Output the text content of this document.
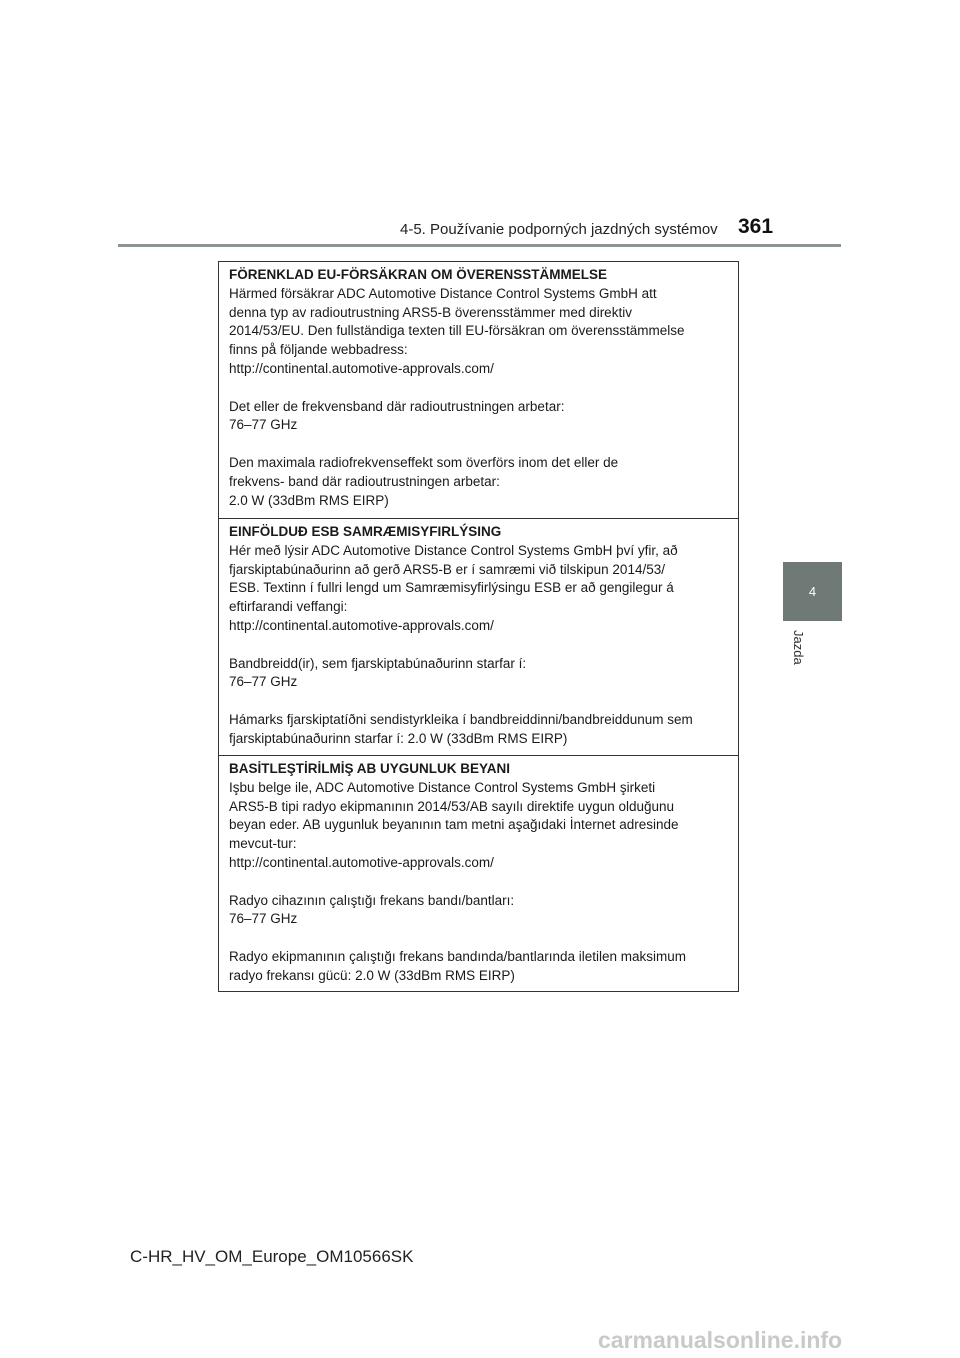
4-5. Používanie podporných jazdných systémov 361
4
Jazda
FÖRENKLAD EU-FÖRSÄKRAN OM ÖVERENSSTÄMMELSE
Härmed försäkrar ADC Automotive Distance Control Systems GmbH att
denna typ av radioutrustning ARS5-B överensstämmer med direktiv
2014/53/EU. Den fullständiga texten till EU-försäkran om överensstämmelse
finns på följande webbadress:
http://continental.automotive-approvals.com/
Det eller de frekvensband där radioutrustningen arbetar:
76–77 GHz
Den maximala radiofrekvenseffekt som överförs inom det eller de
frekvens- band där radioutrustningen arbetar:
2.0 W (33dBm RMS EIRP)
EINFÖLDUÐ ESB SAMRÆMISYFIRLÝSING
Hér með lýsir ADC Automotive Distance Control Systems GmbH því yfir, að
fjarskiptabúnaðurinn að gerð ARS5-B er í samræmi við tilskipun 2014/53/
ESB. Textinn í fullri lengd um Samræmisyfirlýsingu ESB er að gengilegur á
eftirfarandi veffangi:
http://continental.automotive-approvals.com/
Bandbreidd(ir), sem fjarskiptabúnaðurinn starfar í:
76–77 GHz
Hámarks fjarskiptatíðni sendistyrkleika í bandbreiddinni/bandbreiddunum sem
fjarskiptabúnaðurinn starfar í: 2.0 W (33dBm RMS EIRP)
BASİTLEŞTİRİLMİŞ AB UYGUNLUK BEYANI
Işbu belge ile, ADC Automotive Distance Control Systems GmbH şirketi
ARS5-B tipi radyo ekipmanının 2014/53/AB sayılı direktife uygun olduğunu
beyan eder. AB uygunluk beyanının tam metni aşağıdaki İnternet adresinde
mevcut-tur:
http://continental.automotive-approvals.com/
Radyo cihazının çalıştığı frekans bandı/bantları:
76–77 GHz
Radyo ekipmanının çalıştığı frekans bandında/bantlarında iletilen maksimum
radyo frekansı gücü: 2.0 W (33dBm RMS EIRP)
C-HR_HV_OM_Europe_OM10566SK
carmanualsonline.info
